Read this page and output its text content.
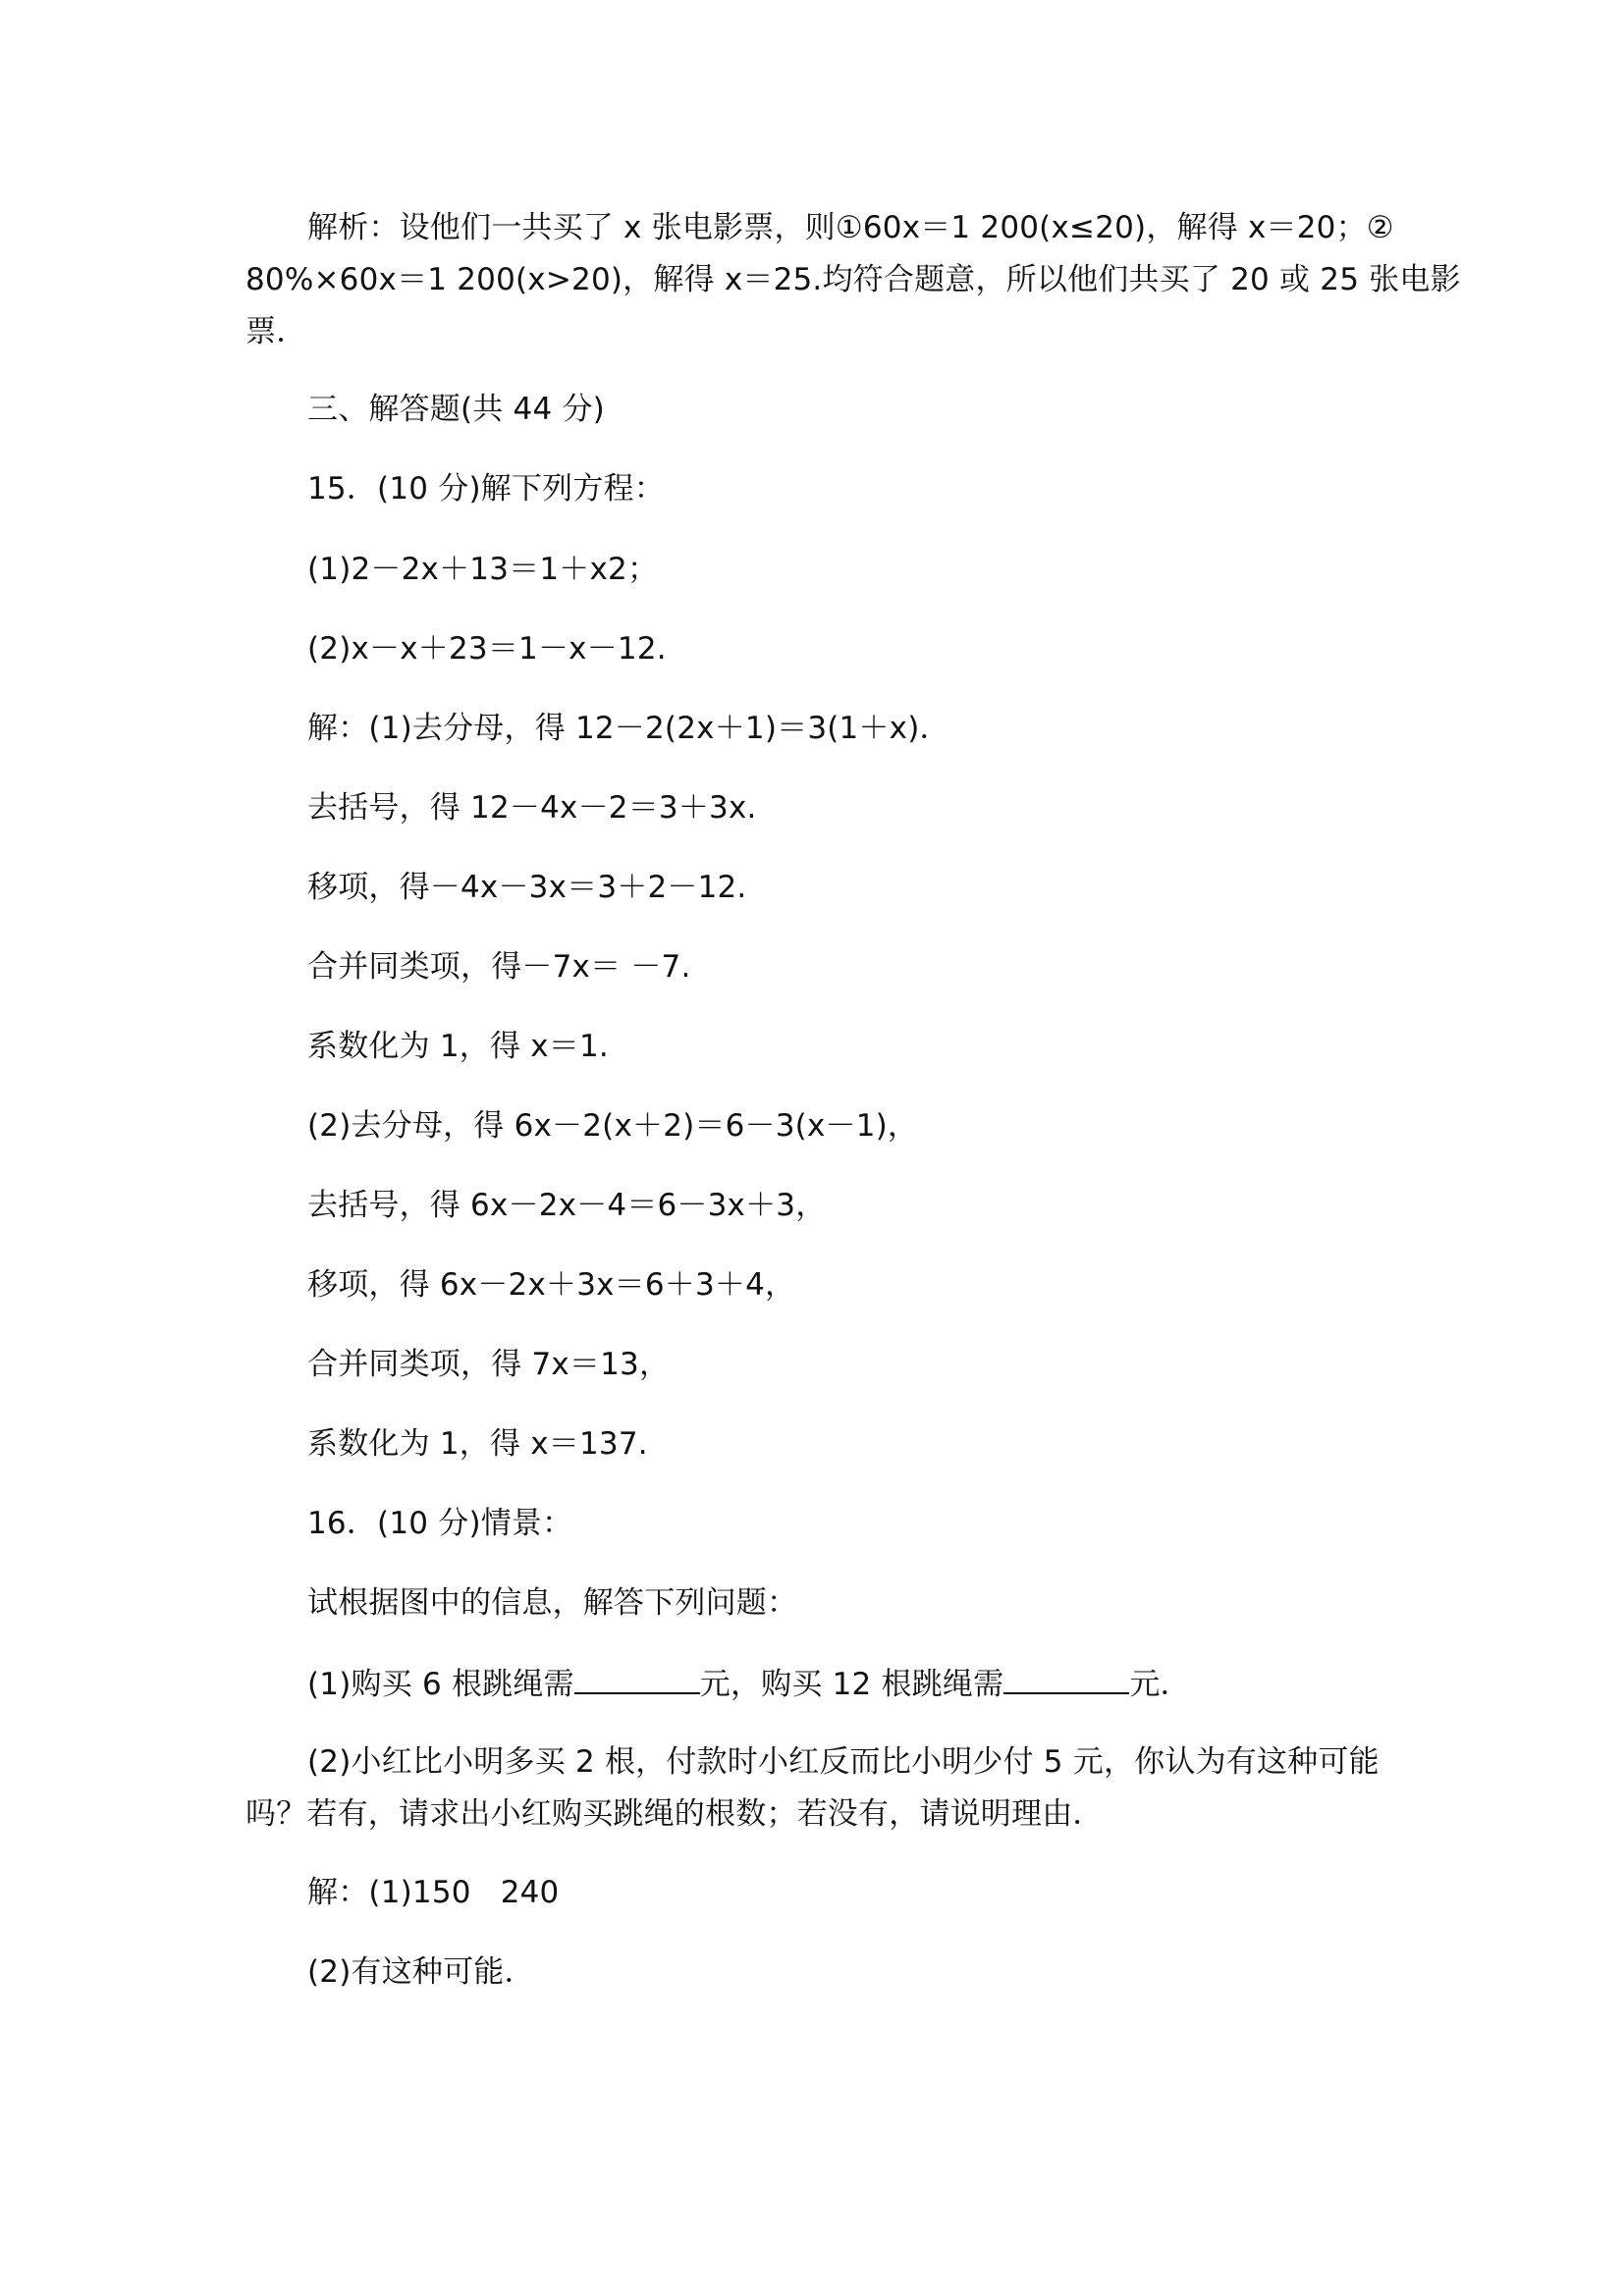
解析：设他们一共买了 x 张电影票，则①60x＝1 200(x≤20)，解得 x＝20；②
80%×60x＝1 200(x>20)，解得 x＝25.均符合题意，所以他们共买了 20 或 25 张电影
票．
三、解答题(共 44 分)
15．(10 分)解下列方程：
(1)2－2x＋13＝1＋x2；
(2)x－x＋23＝1－x－12.
解：(1)去分母，得 12－2(2x＋1)＝3(1＋x)．
去括号，得 12－4x－2＝3＋3x.
移项，得－4x－3x＝3＋2－12.
合并同类项，得－7x＝ －7.
系数化为 1，得 x＝1.
(2)去分母，得 6x－2(x＋2)＝6－3(x－1)，
去括号，得 6x－2x－4＝6－3x＋3，
移项，得 6x－2x＋3x＝6＋3＋4，
合并同类项，得 7x＝13，
系数化为 1，得 x＝137.
16．(10 分)情景：
试根据图中的信息，解答下列问题：
(1)购买 6 根跳绳需	元，购买 12 根跳绳需	元．
(2)小红比小明多买 2 根，付款时小红反而比小明少付 5 元，你认为有这种可能
吗？若有，请求出小红购买跳绳的根数；若没有，请说明理由．
解：(1)150 240
(2)有这种可能．
